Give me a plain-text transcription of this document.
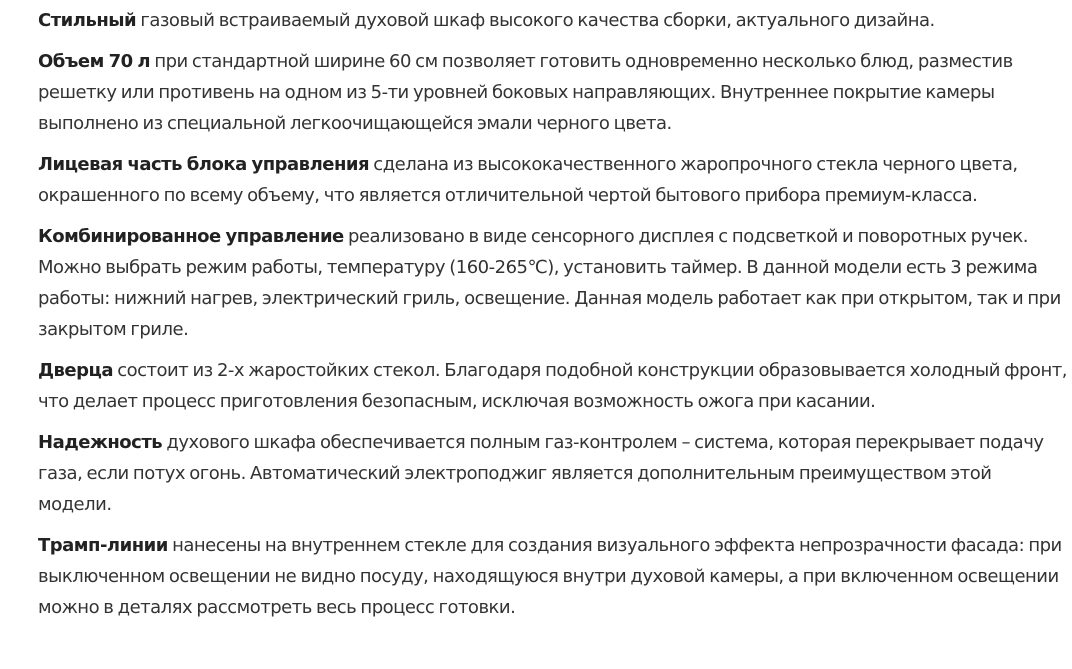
Стильный газовый встраиваемый духовой шкаф высокого качества сборки, актуального дизайна.

Объем 70 л при стандартной ширине 60 см позволяет готовить одновременно несколько блюд, разместив решетку или противень на одном из 5-ти уровней боковых направляющих. Внутреннее покрытие камеры выполнено из специальной легкоочищающейся эмали черного цвета.

Лицевая часть блока управления сделана из высококачественного жаропрочного стекла черного цвета, окрашенного по всему объему, что является отличительной чертой бытового прибора премиум-класса.

Комбинированное управление реализовано в виде сенсорного дисплея с подсветкой и поворотных ручек. Можно выбрать режим работы, температуру (160-265℃), установить таймер. В данной модели есть 3 режима работы: нижний нагрев, электрический гриль, освещение. Данная модель работает как при открытом, так и при закрытом гриле.

Дверца состоит из 2-х жаростойких стекол. Благодаря подобной конструкции образовывается холодный фронт, что делает процесс приготовления безопасным, исключая возможность ожога при касании.

Надежность духового шкафа обеспечивается полным газ-контролем – система, которая перекрывает подачу газа, если потух огонь. Автоматический электроподжиг является дополнительным преимуществом этой модели.

Трамп-линии нанесены на внутреннем стекле для создания визуального эффекта непрозрачности фасада: при выключенном освещении не видно посуду, находящуюся внутри духовой камеры, а при включенном освещении можно в деталях рассмотреть весь процесс готовки.
